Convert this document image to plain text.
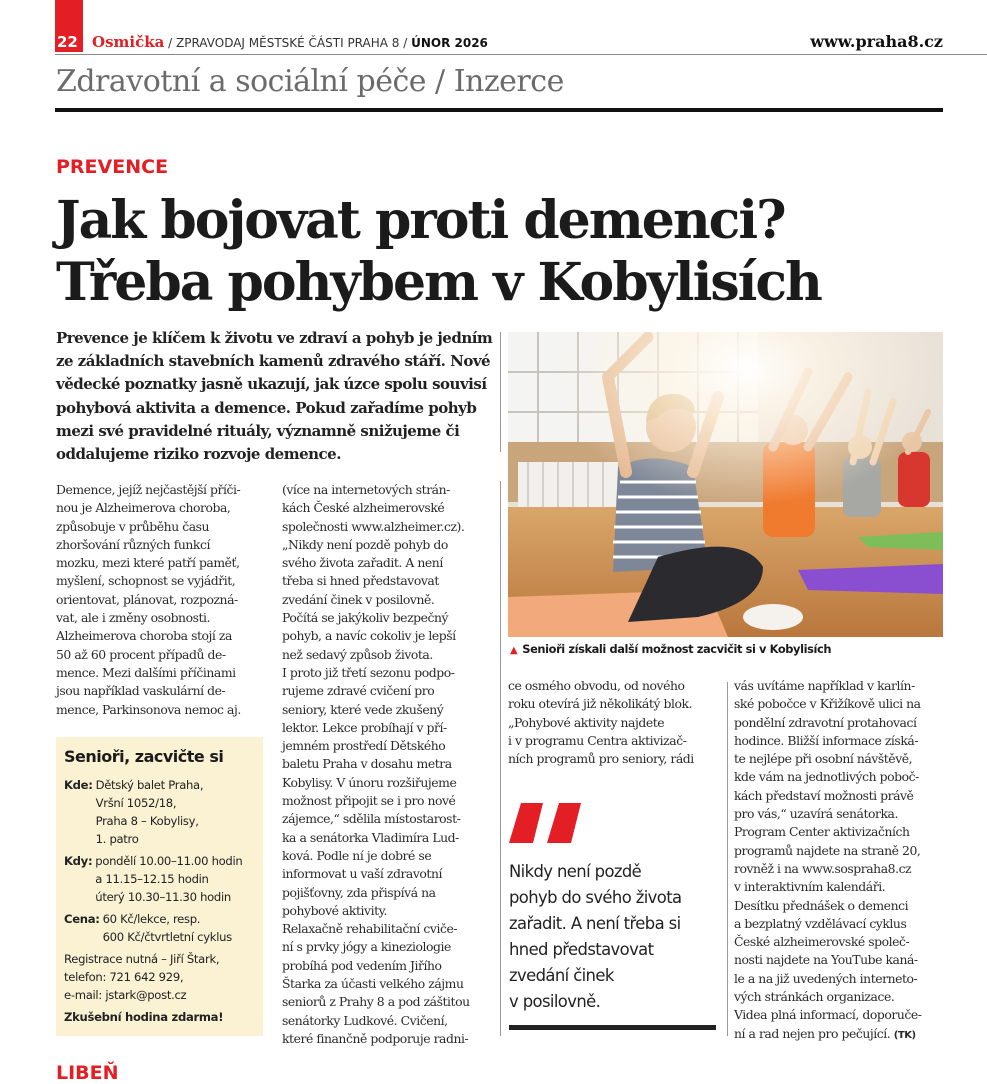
22 Osmička / ZPRAVODAJ MĚSTSKÉ ČÁSTI PRAHA 8 / ÚNOR 2026	www.praha8.cz
Zdravotní a sociální péče / Inzerce
PREVENCE
Jak bojovat proti demenci?
Třeba pohybem v Kobylisích
Prevence je klíčem k životu ve zdraví a pohyb je jedním
ze základních stavebních kamenů zdravého stáří. Nové
vědecké poznatky jasně ukazují, jak úzce spolu souvisí
pohybová aktivita a demence. Pokud zařadíme pohyb
mezi své pravidelné rituály, významně snižujeme či
oddalujeme riziko rozvoje demence.

Demence, jejíž nejčastější příči-

nou je Alzheimerova choroba,

způsobuje v průběhu času

zhoršování různých funkcí

mozku, mezi které patří paměť,

myšlení, schopnost se vyjádřit,

orientovat, plánovat, rozpozná-

vat, ale i změny osobnosti.

Alzheimerova choroba stojí za

50 až 60 procent případů de-

mence. Mezi dalšími příčinami

jsou například vaskulární de-

mence, Parkinsonova nemoc aj.

Senioři, zacvičte si
Kde: Dětský balet Praha,
Vršní 1052/18,
Praha 8 – Kobylisy,
1. patro
Kdy: pondělí 10.00–11.00 hodin
a 11.15–12.15 hodin
úterý 10.30–11.30 hodin
Cena: 60 Kč/lekce, resp.
600 Kč/čtvrtletní cyklus
Registrace nutná – Jiří Štark,
telefon: 721 642 929,
e-mail: jstark@post.cz
Zkušební hodina zdarma!

(více na internetových strán-

kách České alzheimerovské

společnosti www.alzheimer.cz).

„Nikdy není pozdě pohyb do

svého života zařadit. A není

třeba si hned představovat

zvedání činek v posilovně.

Počítá se jakýkoliv bezpečný

pohyb, a navíc cokoliv je lepší

než sedavý způsob života.

I proto již třetí sezonu podpo-

rujeme zdravé cvičení pro

seniory, které vede zkušený

lektor. Lekce probíhají v pří-

jemném prostředí Dětského

baletu Praha v dosahu metra

Kobylisy. V únoru rozšiřujeme

možnost připojit se i pro nové

zájemce,“ sdělila místostarost-

ka a senátorka Vladimíra Lud-

ková. Podle ní je dobré se

informovat u vaší zdravotní

pojišťovny, zda přispívá na

pohybové aktivity.

Relaxačně rehabilitační cviče-

ní s prvky jógy a kineziologie

probíhá pod vedením Jiřího

Štarka za účasti velkého zájmu

seniorů z Prahy 8 a pod záštitou

senátorky Ludkové. Cvičení,

které finančně podporuje radni-

▲ Senioři získali další možnost zacvičit si v Kobylisích

ce osmého obvodu, od nového

roku otevírá již několikátý blok.

„Pohybové aktivity najdete

i v programu Centra aktivizač-

ních programů pro seniory, rádi

Nikdy není pozdě
pohyb do svého života
zařadit. A není třeba si
hned představovat
zvedání činek
v posilovně.

vás uvítáme například v karlín-

ské pobočce v Křižíkově ulici na

pondělní zdravotní protahovací

hodince. Bližší informace získá-

te nejlépe při osobní návštěvě,

kde vám na jednotlivých poboč-

kách představí možnosti právě

pro vás,“ uzavírá senátorka.

Program Center aktivizačních

programů najdete na straně 20,

rovněž i na www.sospraha8.cz

v interaktivním kalendáři.

Desítku přednášek o demenci

a bezplatný vzdělávací cyklus

České alzheimerovské společ-

nosti najdete na YouTube kaná-

le a na již uvedených interneto-

vých stránkách organizace.

Videa plná informací, doporuče-

ní a rad nejen pro pečující. (TK)

LIBEŇ
